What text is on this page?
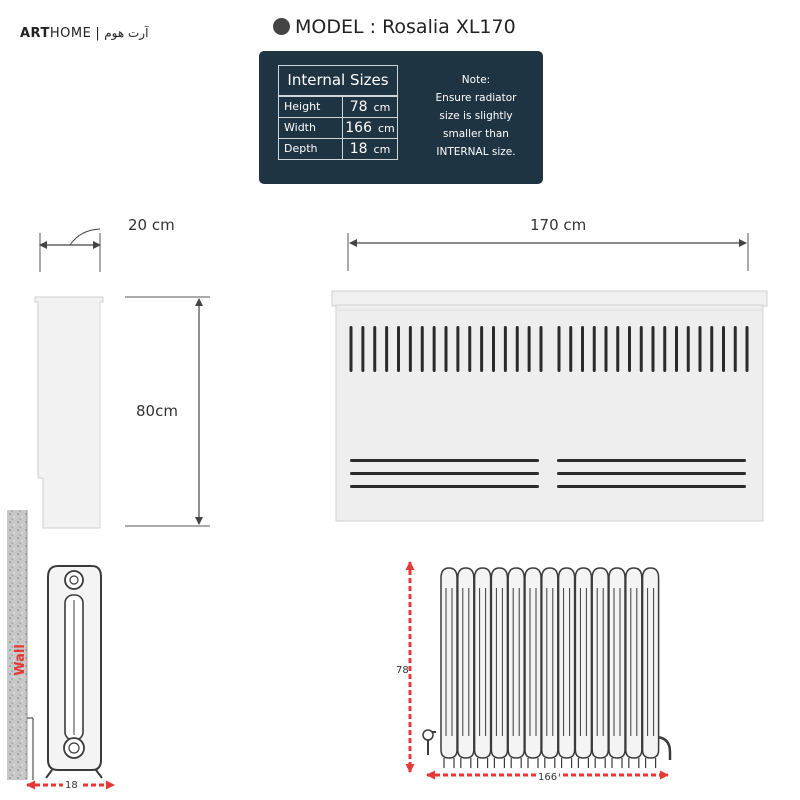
ARTHOME | آرت هوم	MODEL : Rosalia XL170
Internal Sizes
Height	78 cm
Width	166 cm
Depth	18 cm
Note:
Ensure radiator
size is slightly
smaller than
INTERNAL size.
Wall
20 cm	170 cm
80cm
78
166
18
